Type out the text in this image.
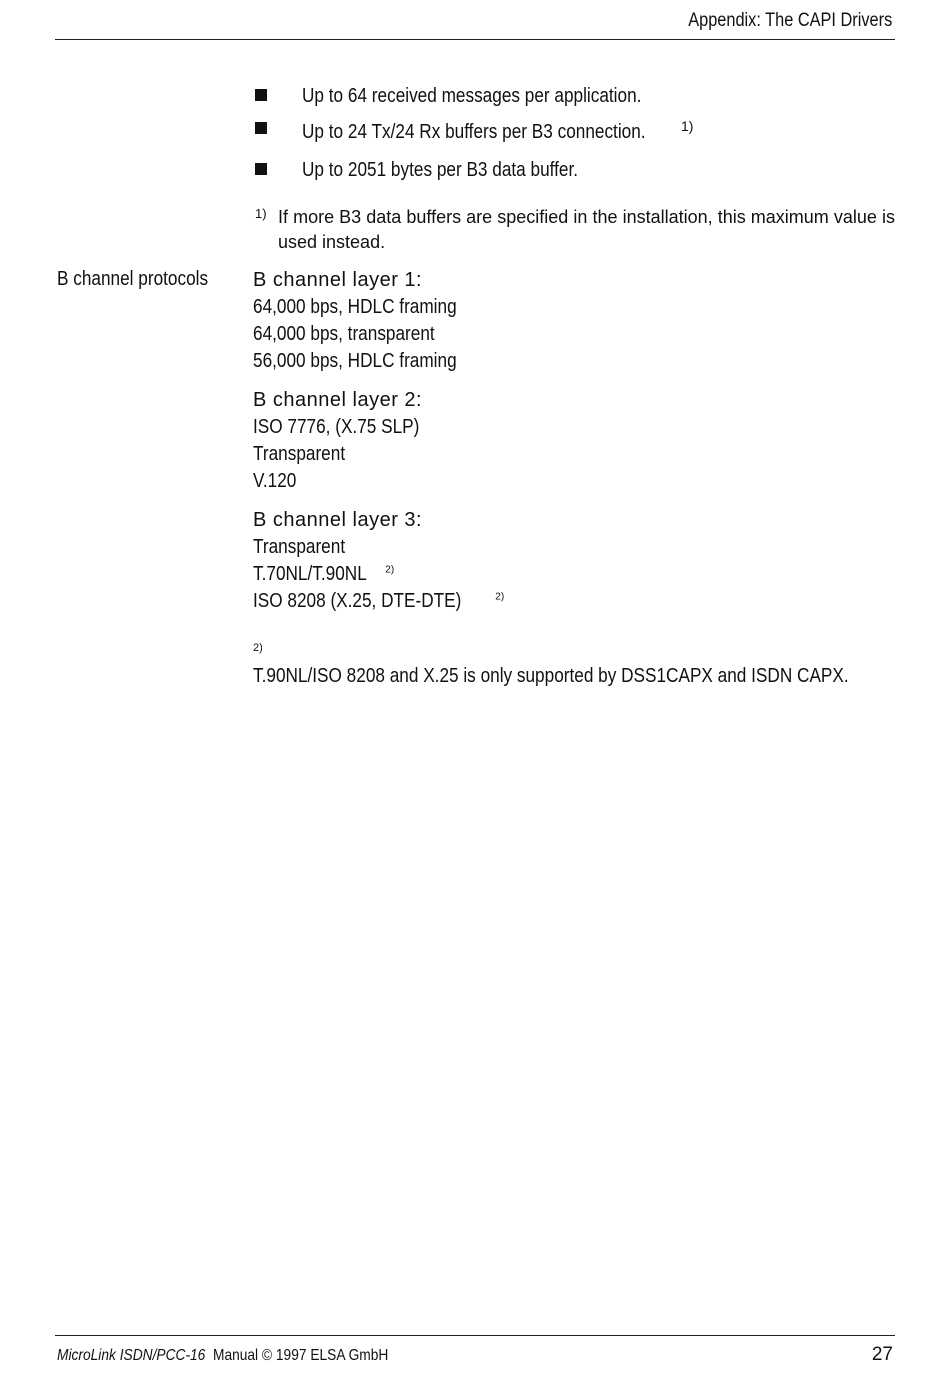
Appendix: The CAPI Drivers
Up to 64 received messages per application.
Up to 24 Tx/24 Rx buffers per B3 connection.	1)
Up to 2051 bytes per B3 data buffer.
1) If more B3 data buffers are specified in the installation, this maximum value is used instead.
B channel protocols	B channel layer 1:
64,000 bps, HDLC framing
64,000 bps, transparent
56,000 bps, HDLC framing
B channel layer 2:
ISO 7776, (X.75 SLP)
Transparent
V.120
B channel layer 3:
Transparent
T.70NL/T.90NL $^{2)}$
ISO 8208 (X.25, DTE-DTE)	$^{2)}$
$^{2)}$T.90NL/ISO 8208 and X.25 is only supported by DSS1CAPX and ISDN CAPX.
MicroLink ISDN/PCC-16 Manual © 1997 ELSA GmbH	27
